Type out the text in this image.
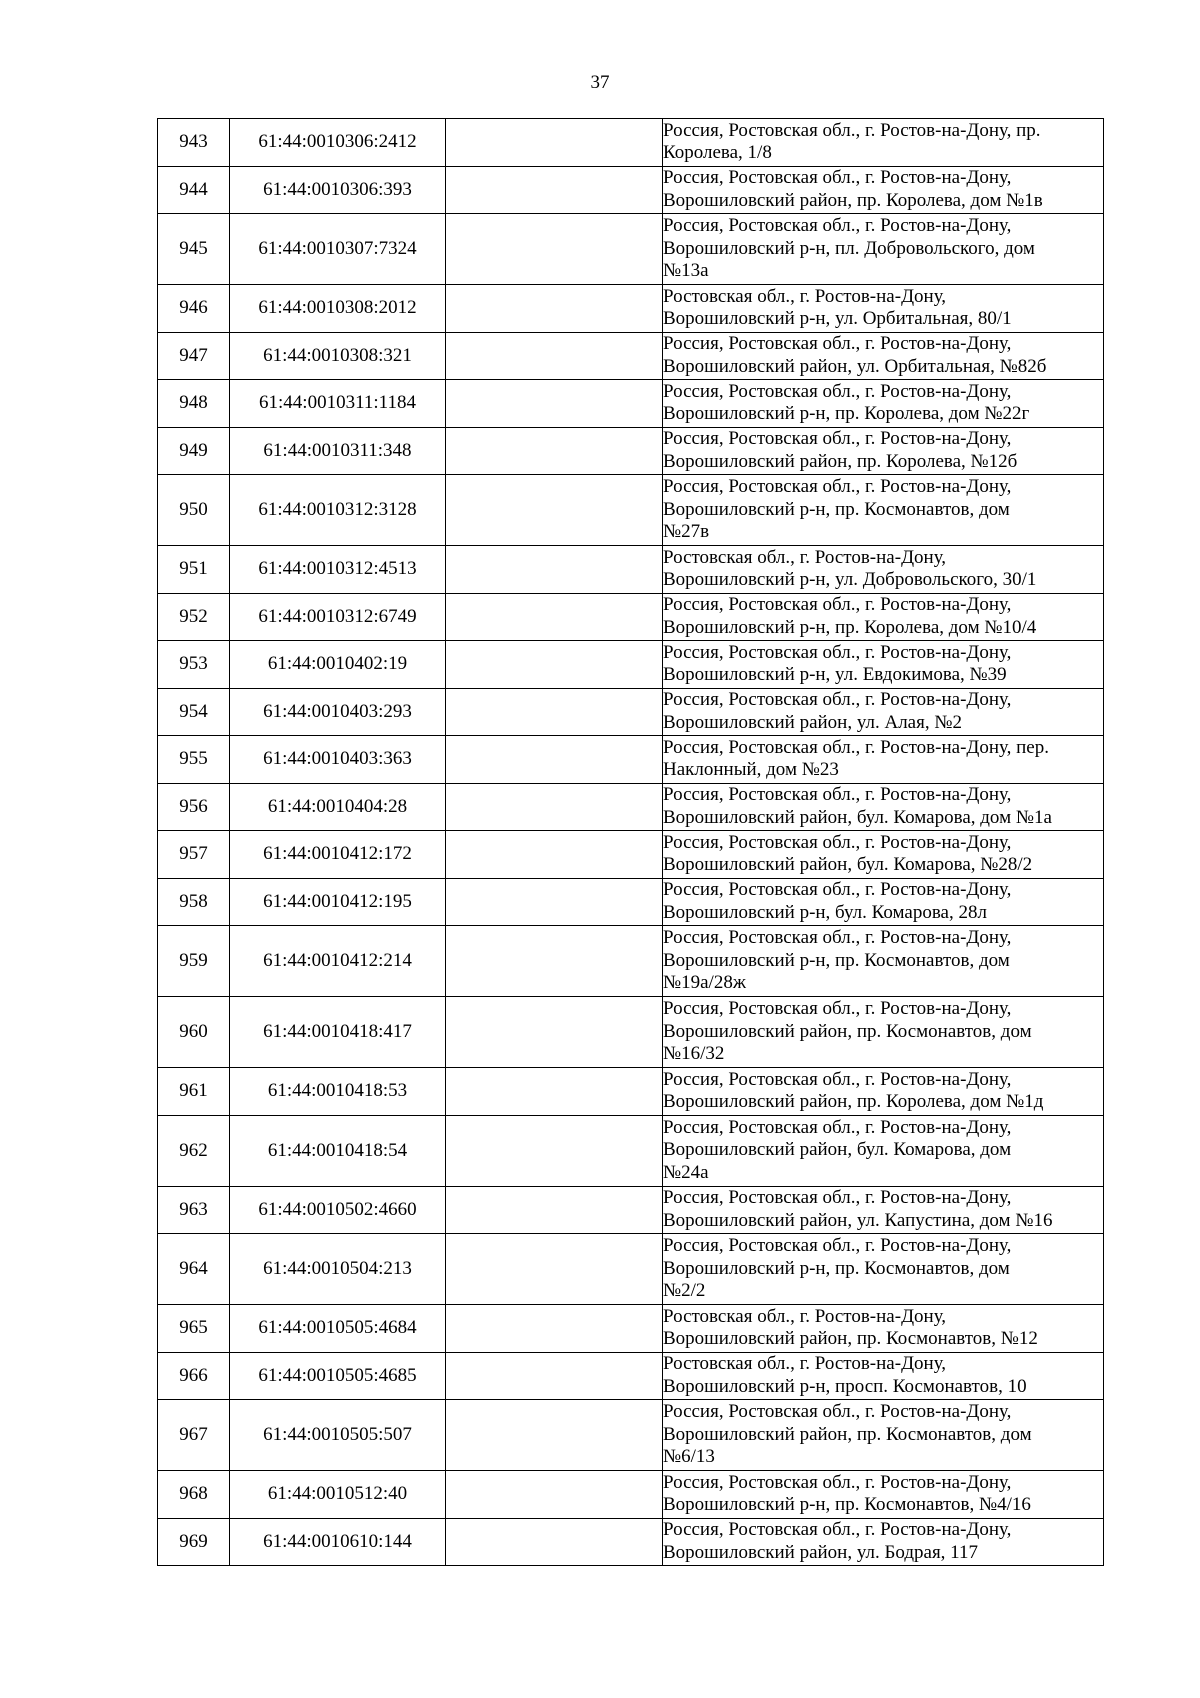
37
943	61:44:0010306:2412		Россия, Ростовская обл., г. Ростов-на-Дону, пр.
Королева, 1/8

944	61:44:0010306:393		Россия, Ростовская обл., г. Ростов-на-Дону,
Ворошиловский район, пр. Королева, дом №1в

945	61:44:0010307:7324		Россия, Ростовская обл., г. Ростов-на-Дону,
Ворошиловский р-н, пл. Добровольского, дом
№13а

946	61:44:0010308:2012		Ростовская обл., г. Ростов-на-Дону,
Ворошиловский р-н, ул. Орбитальная, 80/1

947	61:44:0010308:321		Россия, Ростовская обл., г. Ростов-на-Дону,
Ворошиловский район, ул. Орбитальная, №82б

948	61:44:0010311:1184		Россия, Ростовская обл., г. Ростов-на-Дону,
Ворошиловский р-н, пр. Королева, дом №22г

949	61:44:0010311:348		Россия, Ростовская обл., г. Ростов-на-Дону,
Ворошиловский район, пр. Королева, №12б

950	61:44:0010312:3128		Россия, Ростовская обл., г. Ростов-на-Дону,
Ворошиловский р-н, пр. Космонавтов, дом
№27в

951	61:44:0010312:4513		Ростовская обл., г. Ростов-на-Дону,
Ворошиловский р-н, ул. Добровольского, 30/1

952	61:44:0010312:6749		Россия, Ростовская обл., г. Ростов-на-Дону,
Ворошиловский р-н, пр. Королева, дом №10/4

953	61:44:0010402:19		Россия, Ростовская обл., г. Ростов-на-Дону,
Ворошиловский р-н, ул. Евдокимова, №39

954	61:44:0010403:293		Россия, Ростовская обл., г. Ростов-на-Дону,
Ворошиловский район, ул. Алая, №2

955	61:44:0010403:363		Россия, Ростовская обл., г. Ростов-на-Дону, пер.
Наклонный, дом №23

956	61:44:0010404:28		Россия, Ростовская обл., г. Ростов-на-Дону,
Ворошиловский район, бул. Комарова, дом №1а

957	61:44:0010412:172		Россия, Ростовская обл., г. Ростов-на-Дону,
Ворошиловский район, бул. Комарова, №28/2

958	61:44:0010412:195		Россия, Ростовская обл., г. Ростов-на-Дону,
Ворошиловский р-н, бул. Комарова, 28л

959	61:44:0010412:214		Россия, Ростовская обл., г. Ростов-на-Дону,
Ворошиловский р-н, пр. Космонавтов, дом
№19а/28ж

960	61:44:0010418:417		Россия, Ростовская обл., г. Ростов-на-Дону,
Ворошиловский район, пр. Космонавтов, дом
№16/32

961	61:44:0010418:53		Россия, Ростовская обл., г. Ростов-на-Дону,
Ворошиловский район, пр. Королева, дом №1д

962	61:44:0010418:54		Россия, Ростовская обл., г. Ростов-на-Дону,
Ворошиловский район, бул. Комарова, дом
№24а

963	61:44:0010502:4660		Россия, Ростовская обл., г. Ростов-на-Дону,
Ворошиловский район, ул. Капустина, дом №16

964	61:44:0010504:213		Россия, Ростовская обл., г. Ростов-на-Дону,
Ворошиловский р-н, пр. Космонавтов, дом
№2/2

965	61:44:0010505:4684		Ростовская обл., г. Ростов-на-Дону,
Ворошиловский район, пр. Космонавтов, №12

966	61:44:0010505:4685		Ростовская обл., г. Ростов-на-Дону,
Ворошиловский р-н, просп. Космонавтов, 10

967	61:44:0010505:507		Россия, Ростовская обл., г. Ростов-на-Дону,
Ворошиловский район, пр. Космонавтов, дом
№6/13

968	61:44:0010512:40		Россия, Ростовская обл., г. Ростов-на-Дону,
Ворошиловский р-н, пр. Космонавтов, №4/16

969	61:44:0010610:144		Россия, Ростовская обл., г. Ростов-на-Дону,
Ворошиловский район, ул. Бодрая, 117
